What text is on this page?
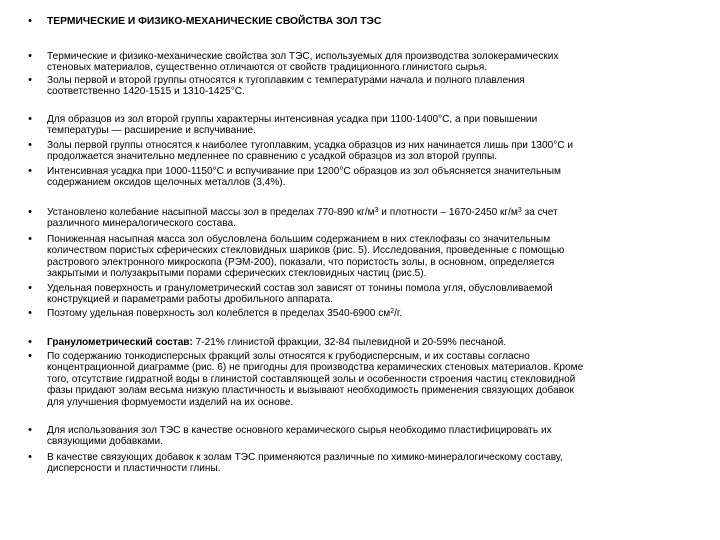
• ТЕРМИЧЕСКИЕ И ФИЗИКО-МЕХАНИЧЕСКИЕ СВОЙСТВА ЗОЛ ТЭС
•	Термические и физико-механические свойства зол ТЭС, используемых для производства золокерамических
стеновых материалов, существенно отличаются от свойств традиционного глинистого сырья.
•	Золы первой и второй группы относятся к тугоплавким с температурами начала и полного плавления
соответственно 1420-1515 и 1310-1425°С.
•	Для образцов из зол второй группы характерны интенсивная усадка при 1100-1400°С, а при повышении
температуры — расширение и вспучивание.
•	Золы первой группы относятся к наиболее тугоплавким, усадка образцов из них начинается лишь при 1300°С и
продолжается значительно медленнее по сравнению с усадкой образцов из зол второй группы.
•	Интенсивная усадка при 1000-1150°С и вспучивание при 1200°С образцов из зол объясняется значительным
содержанием оксидов щелочных металлов (3,4%).
•	Установлено колебание насыпной массы зол в пределах 770-890 $кг/м^3$ и плотности – 1670-2450 $кг/м^3$ за счет
различного минералогического состава.
•	Пониженная насыпная масса зол обусловлена большим содержанием в них стеклофазы со значительным
количеством пористых сферических стекловидных шариков (рис. 5). Исследования, проведенные с помощью
растрового электронного микроскопа (РЭМ-200), показали, что пористость золы, в основном, определяется
закрытыми и полузакрытыми порами сферических стекловидных частиц (рис.5).
•	Удельная поверхность и гранулометрический состав зол зависят от тонины помола угля, обусловливаемой
конструкцией и параметрами работы дробильного аппарата.
•	Поэтому удельная поверхность зол колеблется в пределах 3540-6900 $см^2/г$.
•	Гранулометрический состав: 7-21% глинистой фракции, 32-84 пылевидной и 20-59% песчаной.
•	По содержанию тонкодисперсных фракций золы относятся к грубодисперсным, и их составы согласно
концентрационной диаграмме (рис. 6) не пригодны для производства керамических стеновых материалов. Кроме
того, отсутствие гидратной воды в глинистой составляющей золы и особенности строения частиц стекловидной
фазы придают золам весьма низкую пластичность и вызывают необходимость применения связующих добавок
для улучшения формуемости изделий на их основе.
•	Для использования зол ТЭС в качестве основного керамического сырья необходимо пластифицировать их
связующими добавками.
•	В качестве связующих добавок к золам ТЭС применяются различные по химико-минералогическому составу,
дисперсности и пластичности глины.
